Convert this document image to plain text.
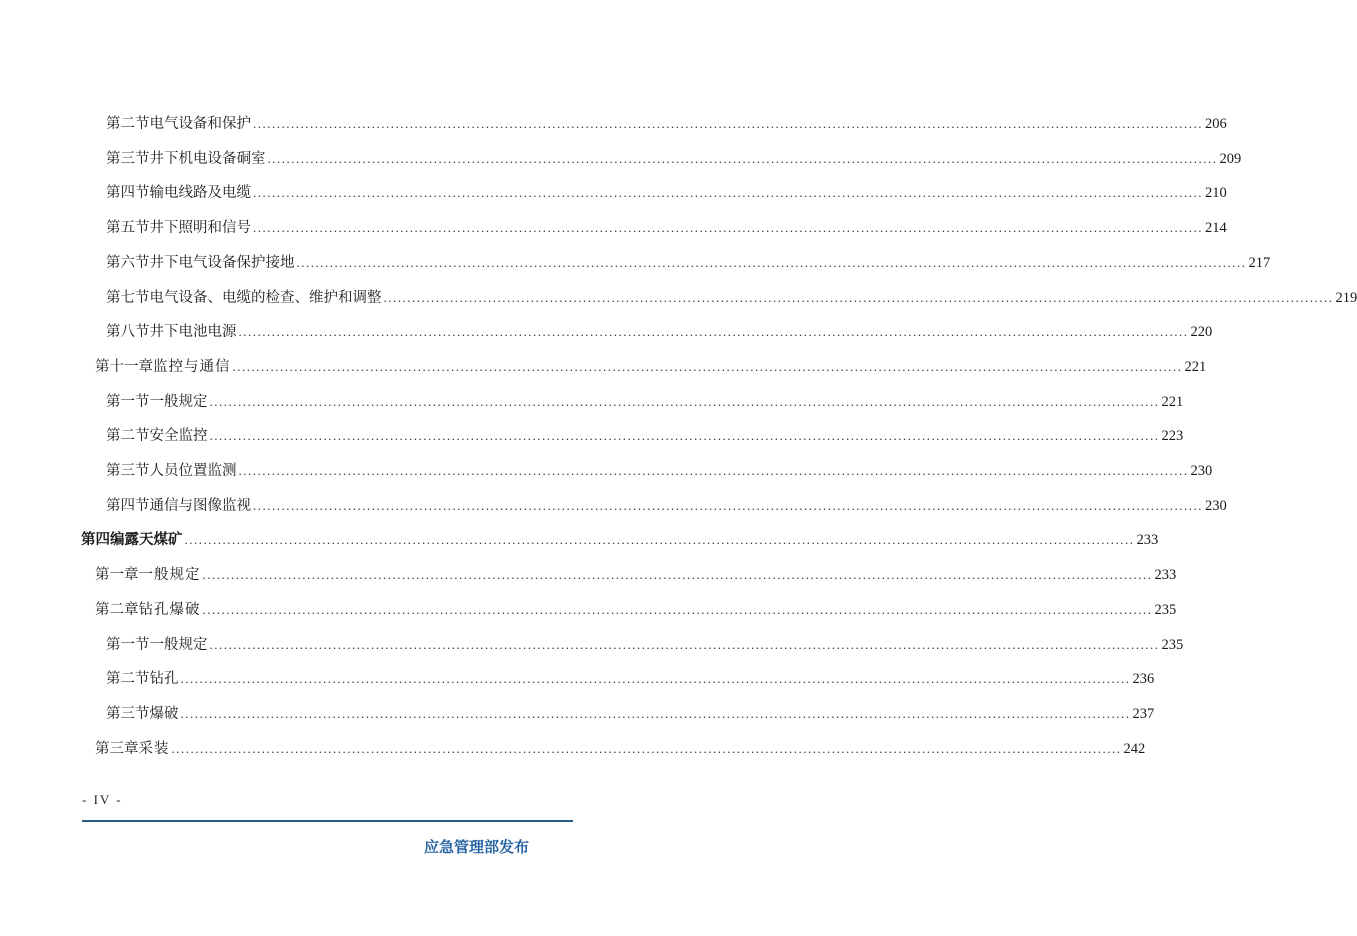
第二节 电气设备和保护 ........................................................................................................................................................................................................ 206
第三节 井下机电设备硐室 ........................................................................................................................................................................................................ 209
第四节 输电线路及电缆 ........................................................................................................................................................................................................ 210
第五节 井下照明和信号 ........................................................................................................................................................................................................ 214
第六节 井下电气设备保护接地 ........................................................................................................................................................................................................ 217
第七节 电气设备、电缆的检查、维护和调整 ........................................................................................................................................................................................................ 219
第八节 井下电池电源 ........................................................................................................................................................................................................ 220
第十一章 监控与通信 ........................................................................................................................................................................................................ 221
第一节 一般规定 ........................................................................................................................................................................................................ 221
第二节 安全监控 ........................................................................................................................................................................................................ 223
第三节 人员位置监测 ........................................................................................................................................................................................................ 230
第四节 通信与图像监视 ........................................................................................................................................................................................................ 230
第四编 露天煤矿 ........................................................................................................................................................................................................ 233
第一章 一般规定 ........................................................................................................................................................................................................ 233
第二章 钻孔爆破 ........................................................................................................................................................................................................ 235
第一节 一般规定 ........................................................................................................................................................................................................ 235
第二节 钻孔 ........................................................................................................................................................................................................ 236
第三节 爆破 ........................................................................................................................................................................................................ 237
第三章 采装 ........................................................................................................................................................................................................ 242
- IV -
应急管理部发布
